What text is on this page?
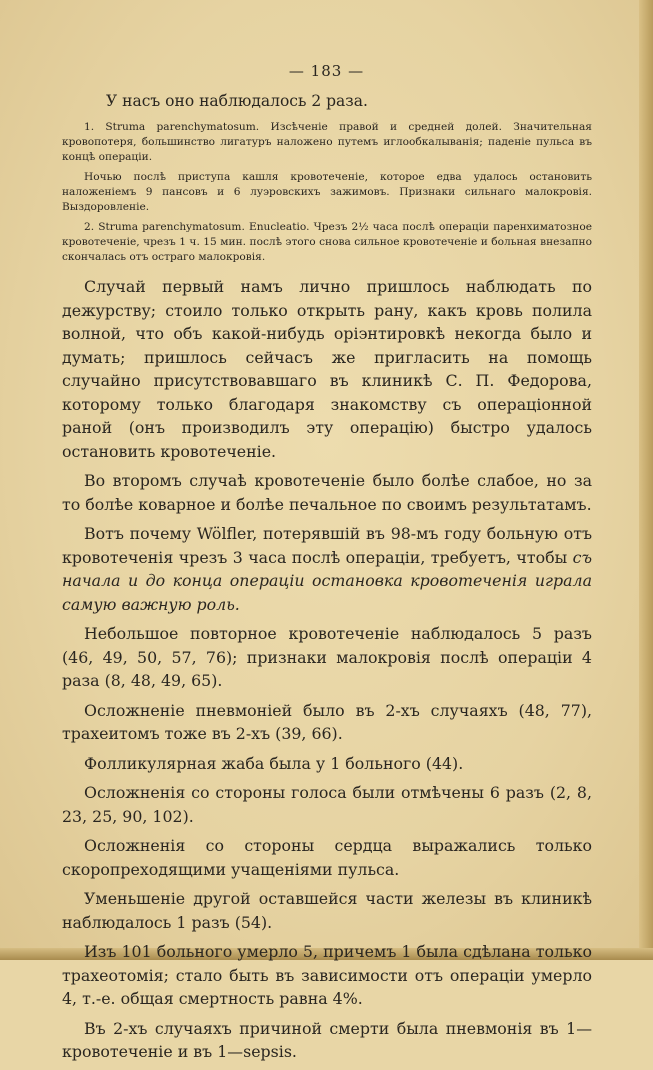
— 183 —

У насъ оно наблюдалось 2 раза.

1. Struma parenchymatosum. Изсѣченіе правой и средней долей. Значительная кровопотеря, большинство лигатуръ наложено путемъ иглообкалыванія; паденіе пульса въ концѣ операціи.

Ночью послѣ приступа кашля кровотеченіе, которое едва удалось остановить наложеніемъ 9 пансовъ и 6 луэровскихъ зажимовъ. Признаки сильнаго малокровія. Выздоровленіе.

2. Struma parenchymatosum. Enucleatio. Чрезъ 2½ часа послѣ операціи паренхиматозное кровотеченіе, чрезъ 1 ч. 15 мин. послѣ этого снова сильное кровотеченіе и больная внезапно скончалась отъ остраго малокровія.

Случай первый намъ лично пришлось наблюдать по дежурству; стоило только открыть рану, какъ кровь полила волной, что объ какой-нибудь оріэнтировкѣ некогда было и думать; пришлось сейчасъ же пригласить на помощь случайно присутствовавшаго въ клиникѣ С. П. Федорова, которому только благодаря знакомству съ операціонной раной (онъ произвoдилъ эту операцію) быстро удалось остановить кровотеченіе.

Во второмъ случаѣ кровотеченіе было болѣе слабое, но за то болѣе коварное и болѣе печальное по своимъ результатамъ.

Вотъ почему Wölfler, потерявшій въ 98-мъ году больную отъ кровотеченія чрезъ 3 часа послѣ операціи, требуетъ, чтобы съ начала и до конца операціи остановка кровотеченія играла самую важную роль.

Небольшое повторное кровотеченіе наблюдалось 5 разъ (46, 49, 50, 57, 76); признаки малокровія послѣ операціи 4 раза (8, 48, 49, 65).

Осложненіе пневмоніей было въ 2-хъ случаяхъ (48, 77), трахеитомъ тоже въ 2-хъ (39, 66).

Фолликулярная жаба была у 1 больного (44).

Осложненія со стороны голоса были отмѣчены 6 разъ (2, 8, 23, 25, 90, 102).

Осложненія со стороны сердца выражались только скоропреходящими учащеніями пульса.

Уменьшеніе другой оставшейся части железы въ клиникѣ наблюдалось 1 разъ (54).

Изъ 101 больного умерло 5, причемъ 1 была сдѣлана только трахеотомія; стало быть въ зависимости отъ операціи умерло 4, т.-е. общая смертность равна 4%.

Въ 2-хъ случаяхъ причиной смерти была пневмонія въ 1—кровотеченіе и въ 1—sepsis.
